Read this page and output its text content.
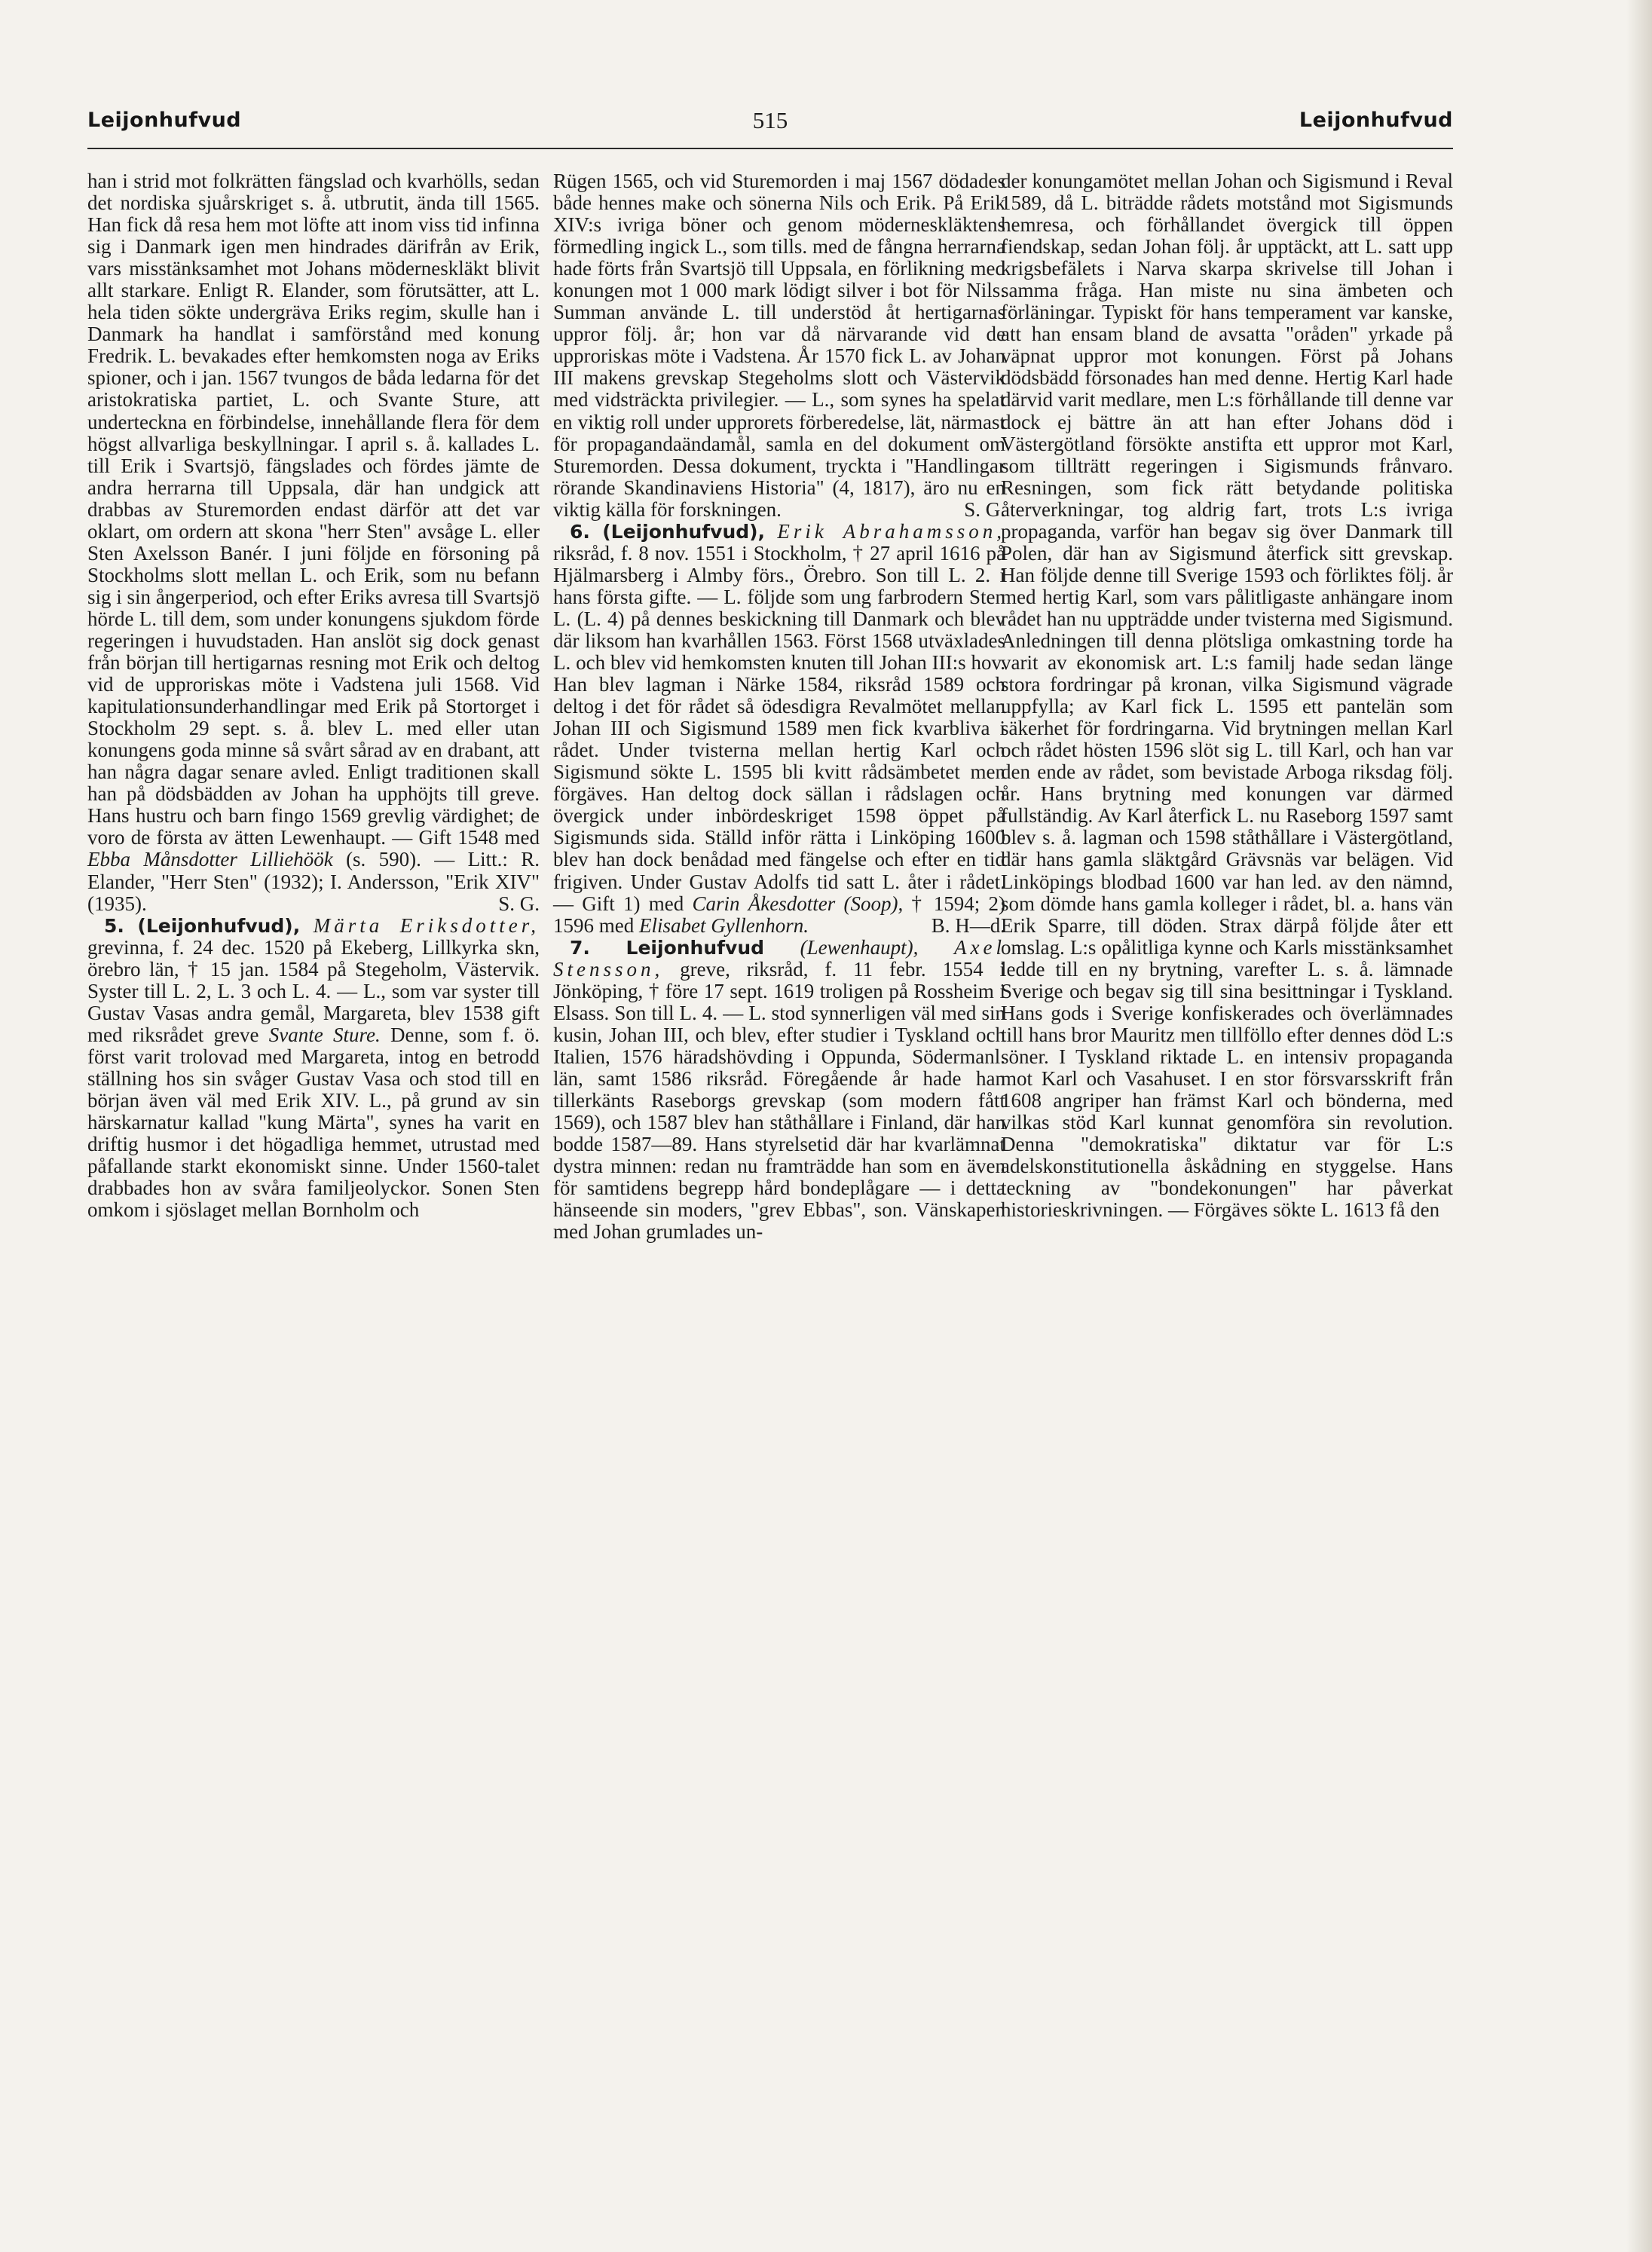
Leijonhufvud	515	Leijonhufvud

han i strid mot folkrätten fängslad och kvarhölls, sedan det nordiska sjuårskriget s. å. utbrutit, ända till 1565. Han fick då resa hem mot löfte att inom viss tid infinna sig i Danmark igen men hindrades därifrån av Erik, vars misstänksamhet mot Johans möderneskläkt blivit allt starkare. Enligt R. Elander, som förutsätter, att L. hela tiden sökte undergräva Eriks regim, skulle han i Danmark ha handlat i samförstånd med konung Fredrik. L. bevakades efter hemkomsten noga av Eriks spioner, och i jan. 1567 tvungos de båda ledarna för det aristokratiska partiet, L. och Svante Sture, att underteckna en förbindelse, innehållande flera för dem högst allvarliga beskyllningar. I april s. å. kallades L. till Erik i Svartsjö, fängslades och fördes jämte de andra herrarna till Uppsala, där han undgick att drabbas av Sturemorden endast därför att det var oklart, om ordern att skona "herr Sten" avsåge L. eller Sten Axelsson Banér. I juni följde en försoning på Stockholms slott mellan L. och Erik, som nu befann sig i sin ångerperiod, och efter Eriks avresa till Svartsjö hörde L. till dem, som under konungens sjukdom förde regeringen i huvudstaden. Han anslöt sig dock genast från början till hertigarnas resning mot Erik och deltog vid de upproriskas möte i Vadstena juli 1568. Vid kapitulationsunderhandlingar med Erik på Stortorget i Stockholm 29 sept. s. å. blev L. med eller utan konungens goda minne så svårt sårad av en drabant, att han några dagar senare avled. Enligt traditionen skall han på dödsbädden av Johan ha upphöjts till greve. Hans hustru och barn fingo 1569 grevlig värdighet; de voro de första av ätten Lewenhaupt. — Gift 1548 med Ebba Månsdotter Lilliehöök (s. 590). — Litt.: R. Elander, "Herr Sten" (1932); I. Andersson, "Erik XIV" (1935).	S. G.

5. (Leijonhufvud), Märta Eriksdotter, grevinna, f. 24 dec. 1520 på Ekeberg, Lillkyrka skn, örebro län, † 15 jan. 1584 på Stegeholm, Västervik. Syster till L. 2, L. 3 och L. 4. — L., som var syster till Gustav Vasas andra gemål, Margareta, blev 1538 gift med riksrådet greve Svante Sture. Denne, som f. ö. först varit trolovad med Margareta, intog en betrodd ställning hos sin svåger Gustav Vasa och stod till en början även väl med Erik XIV. L., på grund av sin härskarnatur kallad "kung Märta", synes ha varit en driftig husmor i det högadliga hemmet, utrustad med påfallande starkt ekonomiskt sinne. Under 1560-talet drabbades hon av svåra familjeolyckor. Sonen Sten omkom i sjöslaget mellan Bornholm och

Rügen 1565, och vid Sturemorden i maj 1567 dödades både hennes make och sönerna Nils och Erik. På Erik XIV:s ivriga böner och genom möderneskläktens förmedling ingick L., som tills. med de fångna herrarna hade förts från Svartsjö till Uppsala, en förlikning med konungen mot 1 000 mark lödigt silver i bot för Nils. Summan använde L. till understöd åt hertigarnas uppror följ. år; hon var då närvarande vid de upproriskas möte i Vadstena. År 1570 fick L. av Johan III makens grevskap Stegeholms slott och Västervik med vidsträckta privilegier. — L., som synes ha spelat en viktig roll under upprorets förberedelse, lät, närmast för propagandaändamål, samla en del dokument om Sturemorden. Dessa dokument, tryckta i "Handlingar rörande Skandinaviens Historia" (4, 1817), äro nu en viktig källa för forskningen.	S. G.

6. (Leijonhufvud), Erik Abrahamsson, riksråd, f. 8 nov. 1551 i Stockholm, † 27 april 1616 på Hjälmarsberg i Almby förs., Örebro. Son till L. 2. i hans första gifte. — L. följde som ung farbrodern Sten L. (L. 4) på dennes beskickning till Danmark och blev där liksom han kvarhållen 1563. Först 1568 utväxlades L. och blev vid hemkomsten knuten till Johan III:s hov. Han blev lagman i Närke 1584, riksråd 1589 och deltog i det för rådet så ödesdigra Revalmötet mellan Johan III och Sigismund 1589 men fick kvarbliva i rådet. Under tvisterna mellan hertig Karl och Sigismund sökte L. 1595 bli kvitt rådsämbetet men förgäves. Han deltog dock sällan i rådslagen och övergick under inbördeskriget 1598 öppet på Sigismunds sida. Ställd inför rätta i Linköping 1600 blev han dock benådad med fängelse och efter en tid frigiven. Under Gustav Adolfs tid satt L. åter i rådet. — Gift 1) med Carin Åkesdotter (Soop), † 1594; 2) 1596 med Elisabet Gyllenhorn.	B. H—d.

7. Leijonhufvud (Lewenhaupt), Axel Stensson, greve, riksråd, f. 11 febr. 1554 i Jönköping, † före 17 sept. 1619 troligen på Rossheim i Elsass. Son till L. 4. — L. stod synnerligen väl med sin kusin, Johan III, och blev, efter studier i Tyskland och Italien, 1576 häradshövding i Oppunda, Södermanl. län, samt 1586 riksråd. Föregående år hade han tillerkänts Raseborgs grevskap (som modern fått 1569), och 1587 blev han ståthållare i Finland, där han bodde 1587—89. Hans styrelsetid där har kvarlämnat dystra minnen: redan nu framträdde han som en även för samtidens begrepp hård bondeplågare — i detta hänseende sin moders, "grev Ebbas", son. Vänskapen med Johan grumlades un-

der konungamötet mellan Johan och Sigismund i Reval 1589, då L. biträdde rådets motstånd mot Sigismunds hemresa, och förhållandet övergick till öppen fiendskap, sedan Johan följ. år upptäckt, att L. satt upp krigsbefälets i Narva skarpa skrivelse till Johan i samma fråga. Han miste nu sina ämbeten och förläningar. Typiskt för hans temperament var kanske, att han ensam bland de avsatta "oråden" yrkade på väpnat uppror mot konungen. Först på Johans dödsbädd försonades han med denne. Hertig Karl hade därvid varit medlare, men L:s förhållande till denne var dock ej bättre än att han efter Johans död i Västergötland försökte anstifta ett uppror mot Karl, som tillträtt regeringen i Sigismunds frånvaro. Resningen, som fick rätt betydande politiska återverkningar, tog aldrig fart, trots L:s ivriga propaganda, varför han begav sig över Danmark till Polen, där han av Sigismund återfick sitt grevskap. Han följde denne till Sverige 1593 och förliktes följ. år med hertig Karl, som vars pålitligaste anhängare inom rådet han nu uppträdde under tvisterna med Sigismund. Anledningen till denna plötsliga omkastning torde ha varit av ekonomisk art. L:s familj hade sedan länge stora fordringar på kronan, vilka Sigismund vägrade uppfylla; av Karl fick L. 1595 ett pantelän som säkerhet för fordringarna. Vid brytningen mellan Karl och rådet hösten 1596 slöt sig L. till Karl, och han var den ende av rådet, som bevistade Arboga riksdag följ. år. Hans brytning med konungen var därmed fullständig. Av Karl återfick L. nu Raseborg 1597 samt blev s. å. lagman och 1598 ståthållare i Västergötland, där hans gamla släktgård Grävsnäs var belägen. Vid Linköpings blodbad 1600 var han led. av den nämnd, som dömde hans gamla kolleger i rådet, bl. a. hans vän Erik Sparre, till döden. Strax därpå följde åter ett omslag. L:s opålitliga kynne och Karls misstänksamhet ledde till en ny brytning, varefter L. s. å. lämnade Sverige och begav sig till sina besittningar i Tyskland. Hans gods i Sverige konfiskerades och överlämnades till hans bror Mauritz men tillföllo efter dennes död L:s söner. I Tyskland riktade L. en intensiv propaganda mot Karl och Vasahuset. I en stor försvarsskrift från 1608 angriper han främst Karl och bönderna, med vilkas stöd Karl kunnat genomföra sin revolution. Denna "demokratiska" diktatur var för L:s adelskonstitutionella åskådning en styggelse. Hans teckning av "bondekonungen" har påverkat historieskrivningen. — Förgäves sökte L. 1613 få den
